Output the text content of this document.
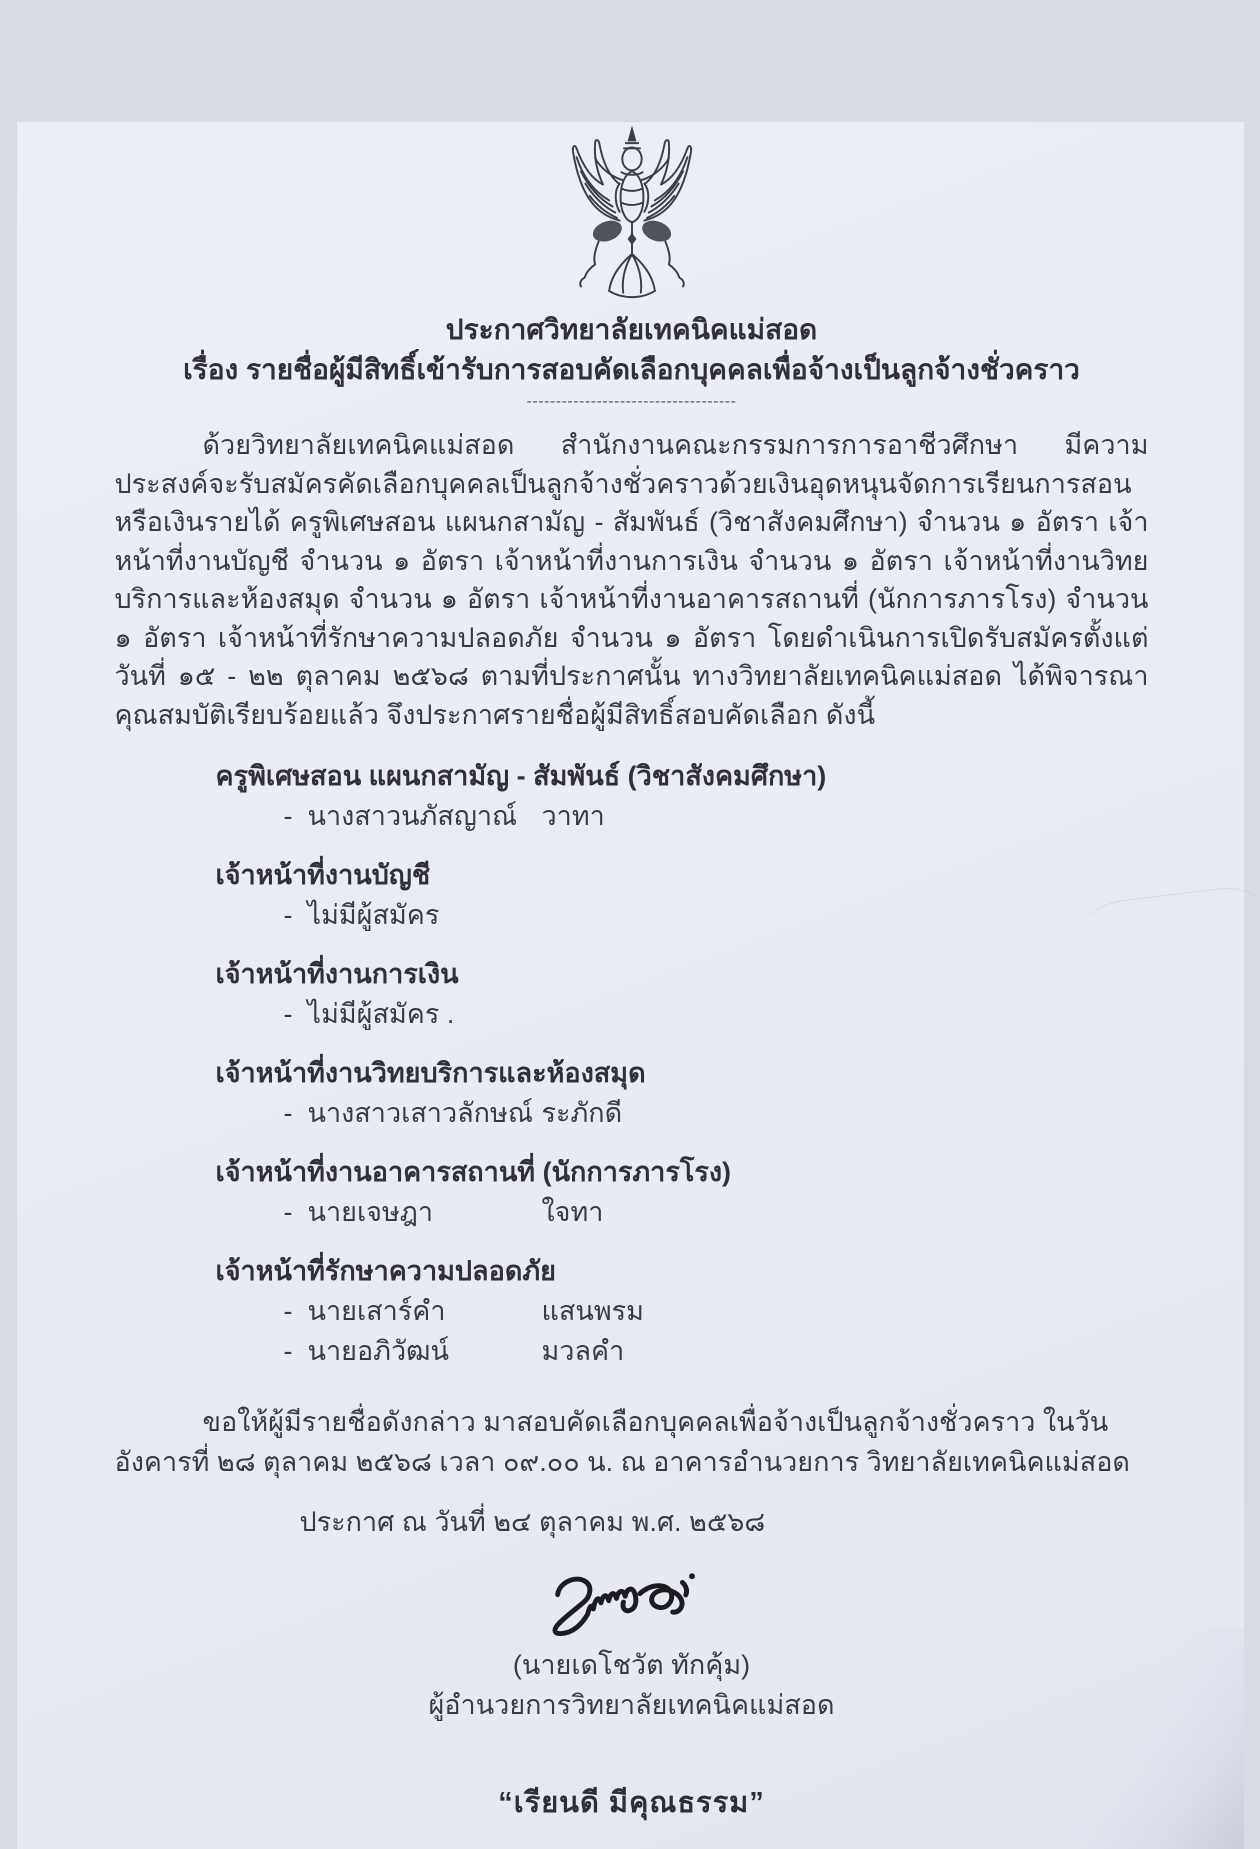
ประกาศวิทยาลัยเทคนิคแม่สอด
เรื่อง รายชื่อผู้มีสิทธิ์เข้ารับการสอบคัดเลือกบุคคลเพื่อจ้างเป็นลูกจ้างชั่วคราว
------------------------------------

ด้วยวิทยาลัยเทคนิคแม่สอด สำนักงานคณะกรรมการการอาชีวศึกษา มีความประสงค์จะรับสมัครคัดเลือกบุคคลเป็นลูกจ้างชั่วคราวด้วยเงินอุดหนุนจัดการเรียนการสอนหรือเงินรายได้ ครูพิเศษสอน แผนกสามัญ - สัมพันธ์ (วิชาสังคมศึกษา) จำนวน ๑ อัตรา เจ้าหน้าที่งานบัญชี จำนวน ๑ อัตรา เจ้าหน้าที่งานการเงิน จำนวน ๑ อัตรา เจ้าหน้าที่งานวิทยบริการและห้องสมุด จำนวน ๑ อัตรา เจ้าหน้าที่งานอาคารสถานที่ (นักการภารโรง) จำนวน ๑ อัตรา เจ้าหน้าที่รักษาความปลอดภัย จำนวน ๑ อัตรา โดยดำเนินการเปิดรับสมัครตั้งแต่วันที่ ๑๕ - ๒๒ ตุลาคม ๒๕๖๘ ตามที่ประกาศนั้น ทางวิทยาลัยเทคนิคแม่สอด ได้พิจารณาคุณสมบัติเรียบร้อยแล้ว จึงประกาศรายชื่อผู้มีสิทธิ์สอบคัดเลือก ดังนี้

ครูพิเศษสอน แผนกสามัญ - สัมพันธ์ (วิชาสังคมศึกษา)
- นางสาวนภัสญาณ์ วาทา
เจ้าหน้าที่งานบัญชี
- ไม่มีผู้สมัคร
เจ้าหน้าที่งานการเงิน
- ไม่มีผู้สมัคร .
เจ้าหน้าที่งานวิทยบริการและห้องสมุด
- นางสาวเสาวลักษณ์ ระภักดี
เจ้าหน้าที่งานอาคารสถานที่ (นักการภารโรง)
- นายเจษฎา	ใจทา
เจ้าหน้าที่รักษาความปลอดภัย
- นายเสาร์คำ	แสนพรม
- นายอภิวัฒน์	มวลคำ

ขอให้ผู้มีรายชื่อดังกล่าว มาสอบคัดเลือกบุคคลเพื่อจ้างเป็นลูกจ้างชั่วคราว ในวันอังคารที่ ๒๘ ตุลาคม ๒๕๖๘ เวลา ๐๙.๐๐ น. ณ อาคารอำนวยการ วิทยาลัยเทคนิคแม่สอด

ประกาศ ณ วันที่ ๒๔ ตุลาคม พ.ศ. ๒๕๖๘
(นายเดโชวัต ทักคุ้ม)
ผู้อำนวยการวิทยาลัยเทคนิคแม่สอด
“เรียนดี มีคุณธรรม”
